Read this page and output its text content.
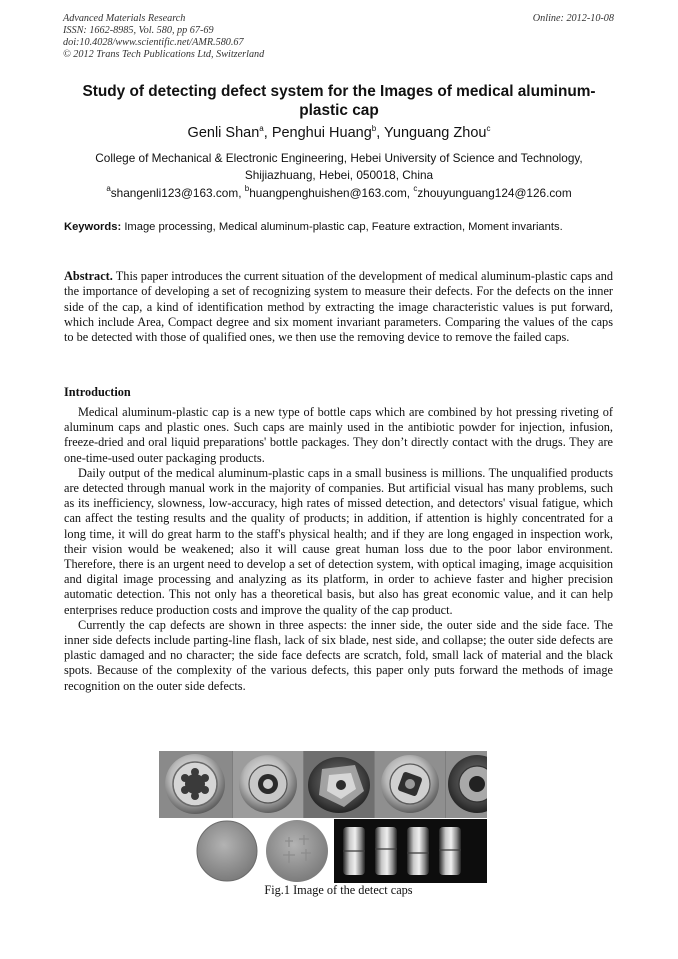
Advanced Materials Research
ISSN: 1662-8985, Vol. 580, pp 67-69
doi:10.4028/www.scientific.net/AMR.580.67
© 2012 Trans Tech Publications Ltd, Switzerland
Online: 2012-10-08
Study of detecting defect system for the Images of medical aluminum-plastic cap
Genli Shan$^a$, Penghui Huang$^b$, Yunguang Zhou$^c$
College of Mechanical & Electronic Engineering, Hebei University of Science and Technology,
Shijiazhuang, Hebei, 050018, China
$^a$shangenli123@163.com, $^b$huangpenghuishen@163.com, $^c$zhouyunguang124@126.com
Keywords: Image processing, Medical aluminum-plastic cap, Feature extraction, Moment invariants.
Abstract. This paper introduces the current situation of the development of medical aluminum-plastic caps and the importance of developing a set of recognizing system to measure their defects. For the defects on the inner side of the cap, a kind of identification method by extracting the image characteristic values is put forward, which include Area, Compact degree and six moment invariant parameters. Comparing the values of the caps to be detected with those of qualified ones, we then use the removing device to remove the failed caps.
Introduction

Medical aluminum-plastic cap is a new type of bottle caps which are combined by hot pressing riveting of aluminum caps and plastic ones. Such caps are mainly used in the antibiotic powder for injection, infusion, freeze-dried and oral liquid preparations' bottle packages. They don’t directly contact with the drugs. They are one-time-used outer packaging products.

Daily output of the medical aluminum-plastic caps in a small business is millions. The unqualified products are detected through manual work in the majority of companies. But artificial visual has many problems, such as its inefficiency, slowness, low-accuracy, high rates of missed detection, and detectors' visual fatigue, which can affect the testing results and the quality of products; in addition, if attention is highly concentrated for a long time, it will do great harm to the staff's physical health; and if they are long engaged in inspection work, their vision would be weakened; also it will cause great human loss due to the poor labor environment. Therefore, there is an urgent need to develop a set of detection system, with optical imaging, image acquisition and digital image processing and analyzing as its platform, in order to achieve faster and higher precision automatic detection. This not only has a theoretical basis, but also has great economic value, and it can help enterprises reduce production costs and improve the quality of the cap product.

Currently the cap defects are shown in three aspects: the inner side, the outer side and the side face. The inner side defects include parting-line flash, lack of six blade, nest side, and collapse; the outer side defects are plastic damaged and no character; the side face defects are scratch, fold, small lack of material and the black spots. Because of the complexity of the various defects, this paper only puts forward the methods of image recognition on the outer side defects.

Fig.1 Image of the detect caps
